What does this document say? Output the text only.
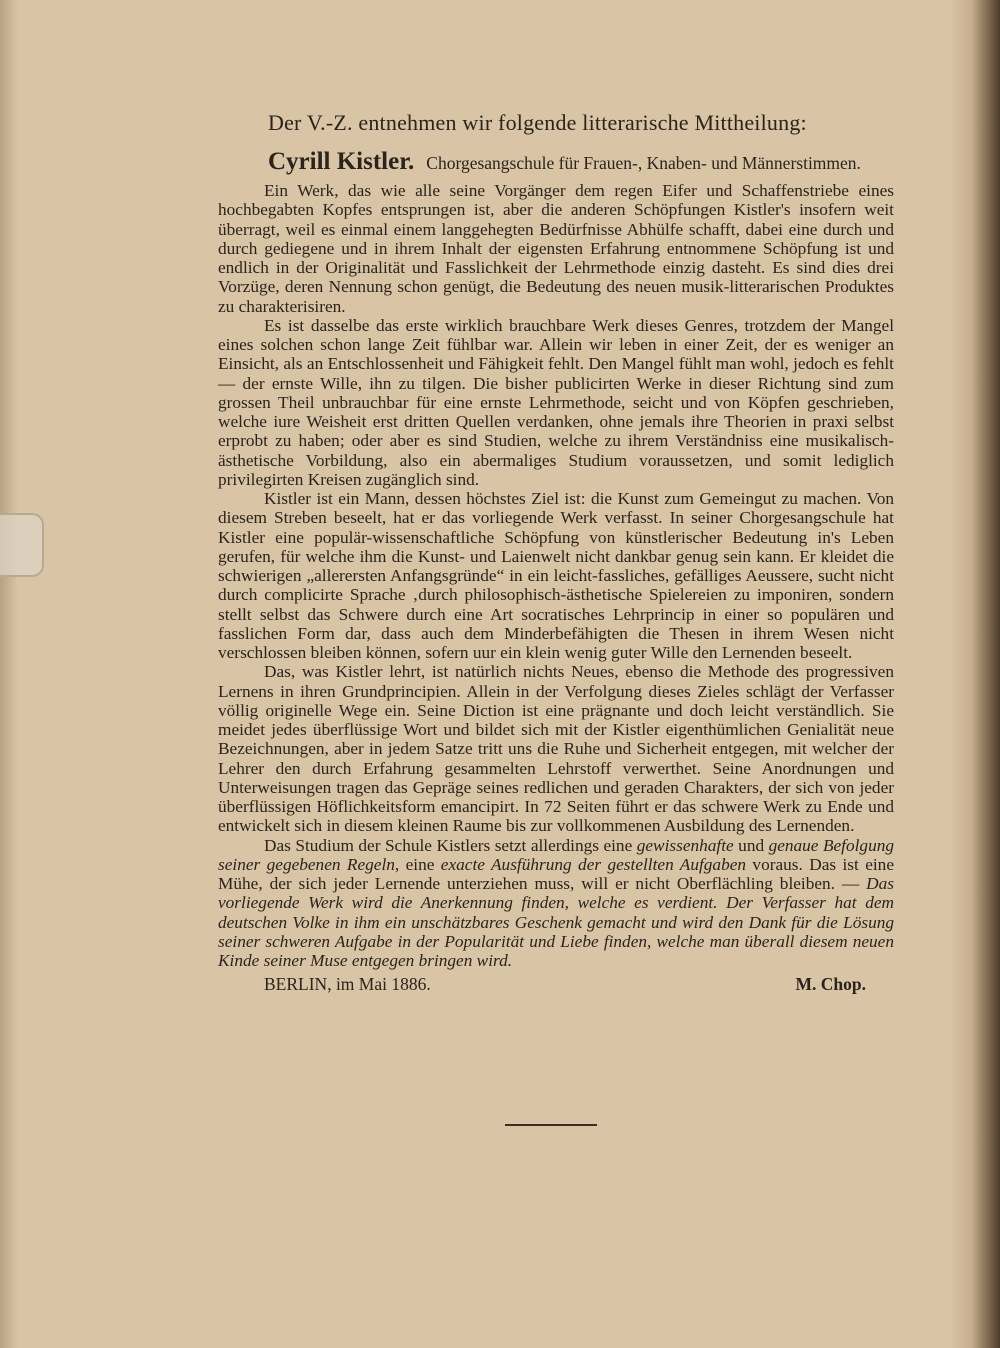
Der V.-Z. entnehmen wir folgende litterarische Mittheilung:
Cyrill Kistler. Chorgesangschule für Frauen-, Knaben- und Männerstimmen.

Ein Werk, das wie alle seine Vorgänger dem regen Eifer und Schaffenstriebe eines hochbegabten Kopfes entsprungen ist, aber die anderen Schöpfungen Kistler's insofern weit überragt, weil es einmal einem langgehegten Bedürfnisse Abhülfe schafft, dabei eine durch und durch gediegene und in ihrem Inhalt der eigensten Erfahrung entnommene Schöpfung ist und endlich in der Originalität und Fasslichkeit der Lehrmethode einzig dasteht. Es sind dies drei Vorzüge, deren Nennung schon genügt, die Bedeutung des neuen musik-litterarischen Produktes zu charakterisiren.

Es ist dasselbe das erste wirklich brauchbare Werk dieses Genres, trotzdem der Mangel eines solchen schon lange Zeit fühlbar war. Allein wir leben in einer Zeit, der es weniger an Einsicht, als an Entschlossenheit und Fähigkeit fehlt. Den Mangel fühlt man wohl, jedoch es fehlt — der ernste Wille, ihn zu tilgen. Die bisher publicirten Werke in dieser Richtung sind zum grossen Theil unbrauchbar für eine ernste Lehrmethode, seicht und von Köpfen geschrieben, welche iure Weisheit erst dritten Quellen verdanken, ohne jemals ihre Theorien in praxi selbst erprobt zu haben; oder aber es sind Studien, welche zu ihrem Verständniss eine musikalisch-ästhetische Vorbildung, also ein abermaliges Studium voraussetzen, und somit lediglich privilegirten Kreisen zugänglich sind.

Kistler ist ein Mann, dessen höchstes Ziel ist: die Kunst zum Gemeingut zu machen. Von diesem Streben beseelt, hat er das vorliegende Werk verfasst. In seiner Chorgesangschule hat Kistler eine populär-wissenschaftliche Schöpfung von künstlerischer Bedeutung in's Leben gerufen, für welche ihm die Kunst- und Laienwelt nicht dankbar genug sein kann. Er kleidet die schwierigen „allerersten Anfangsgründe“ in ein leicht-fassliches, gefälliges Aeussere, sucht nicht durch complicirte Sprache ‚durch philosophisch-ästhetische Spielereien zu imponiren, sondern stellt selbst das Schwere durch eine Art socratisches Lehrprincip in einer so populären und fasslichen Form dar, dass auch dem Minderbefähigten die Thesen in ihrem Wesen nicht verschlossen bleiben können, sofern uur ein klein wenig guter Wille den Lernenden beseelt.

Das, was Kistler lehrt, ist natürlich nichts Neues, ebenso die Methode des progressiven Lernens in ihren Grundprincipien. Allein in der Verfolgung dieses Zieles schlägt der Verfasser völlig originelle Wege ein. Seine Diction ist eine prägnante und doch leicht verständlich. Sie meidet jedes überflüssige Wort und bildet sich mit der Kistler eigenthümlichen Genialität neue Bezeichnungen, aber in jedem Satze tritt uns die Ruhe und Sicherheit entgegen, mit welcher der Lehrer den durch Erfahrung gesammelten Lehrstoff verwerthet. Seine Anordnungen und Unterweisungen tragen das Gepräge seines redlichen und geraden Charakters, der sich von jeder überflüssigen Höflichkeitsform emancipirt. In 72 Seiten führt er das schwere Werk zu Ende und entwickelt sich in diesem kleinen Raume bis zur vollkommenen Ausbildung des Lernenden.

Das Studium der Schule Kistlers setzt allerdings eine gewissenhafte und genaue Befolgung seiner gegebenen Regeln, eine exacte Ausführung der gestellten Aufgaben voraus. Das ist eine Mühe, der sich jeder Lernende unterziehen muss, will er nicht Oberflächling bleiben. — Das vorliegende Werk wird die Anerkennung finden, welche es verdient. Der Verfasser hat dem deutschen Volke in ihm ein unschätzbares Geschenk gemacht und wird den Dank für die Lösung seiner schweren Aufgabe in der Popularität und Liebe finden, welche man überall diesem neuen Kinde seiner Muse entgegen bringen wird.

BERLIN, im Mai 1886.	M. Chop.
